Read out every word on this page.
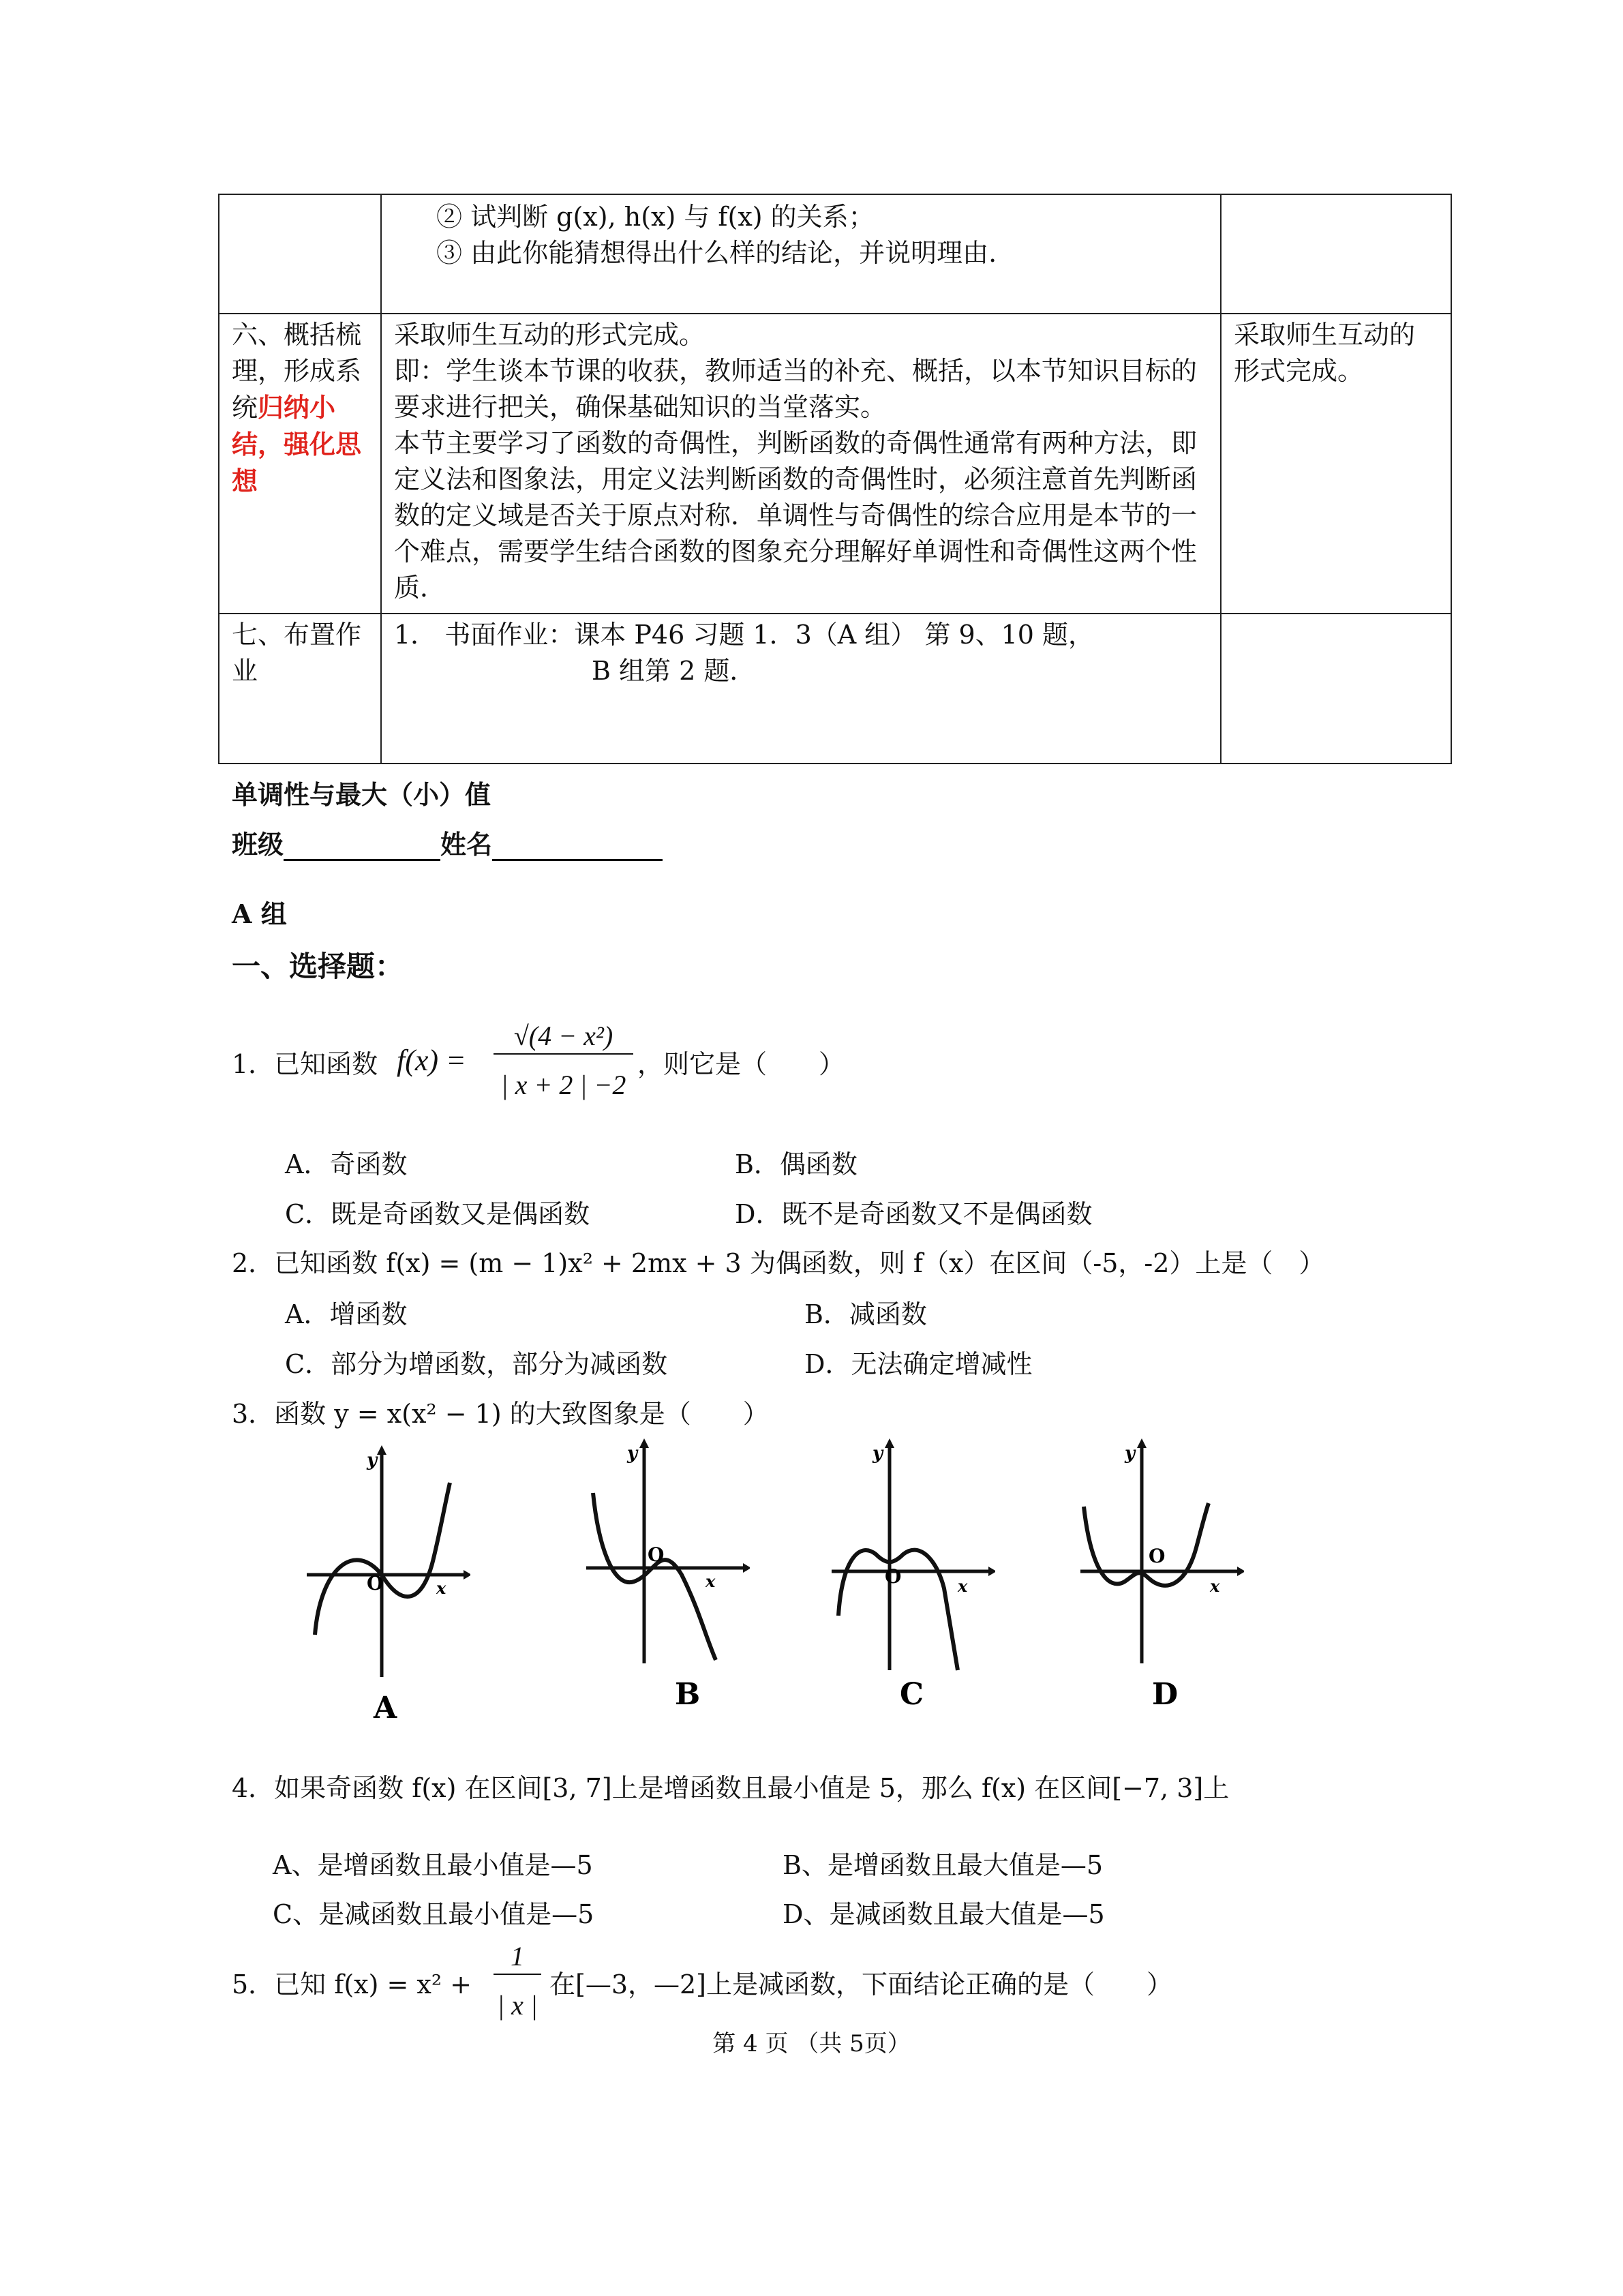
	② 试判断 g(x), h(x) 与 f(x) 的关系；
③ 由此你能猜想得出什么样的结论，并说明理由.	

六、概括梳理，形成系统归纳小结，强化思想	采取师生互动的形式完成。
即：学生谈本节课的收获，教师适当的补充、概括，以本节知识目标的要求进行把关，确保基础知识的当堂落实。
本节主要学习了函数的奇偶性，判断函数的奇偶性通常有两种方法，即定义法和图象法，用定义法判断函数的奇偶性时，必须注意首先判断函数的定义域是否关于原点对称．单调性与奇偶性的综合应用是本节的一个难点，需要学生结合函数的图象充分理解好单调性和奇偶性这两个性质．	采取师生互动的形式完成。
七、布置作业	1． 书面作业：课本 P46 习题 1．3（A 组） 第 9、10 题，
B 组第 2 题．	

单调性与最大（小）值
班级	姓名
A 组
一、选择题：
1．已知函数 f(x) =
√(4 − x²)
| x + 2 | −2
，则它是（　　）
A．奇函数	B．偶函数
C．既是奇函数又是偶函数	D．既不是奇函数又不是偶函数
2．已知函数 f(x) = (m − 1)x² + 2mx + 3 为偶函数，则 f（x）在区间（-5，-2）上是（　）
A．增函数	B．减函数
C．部分为增函数，部分为减函数	D．无法确定增减性
3．函数 y = x(x² − 1) 的大致图象是（　　）
y
x
O
A
y
x
O
B
y
x
O
C
y
x
O
D
4．如果奇函数 f(x) 在区间[3, 7]上是增函数且最小值是 5，那么 f(x) 在区间[−7, 3]上
A、是增函数且最小值是—5	B、是增函数且最大值是—5
C、是减函数且最小值是—5	D、是减函数且最大值是—5
5．已知 f(x) = x² +
1
| x |
在[—3，—2]上是减函数，下面结论正确的是（　　）
第 4 页 （共 5页）
